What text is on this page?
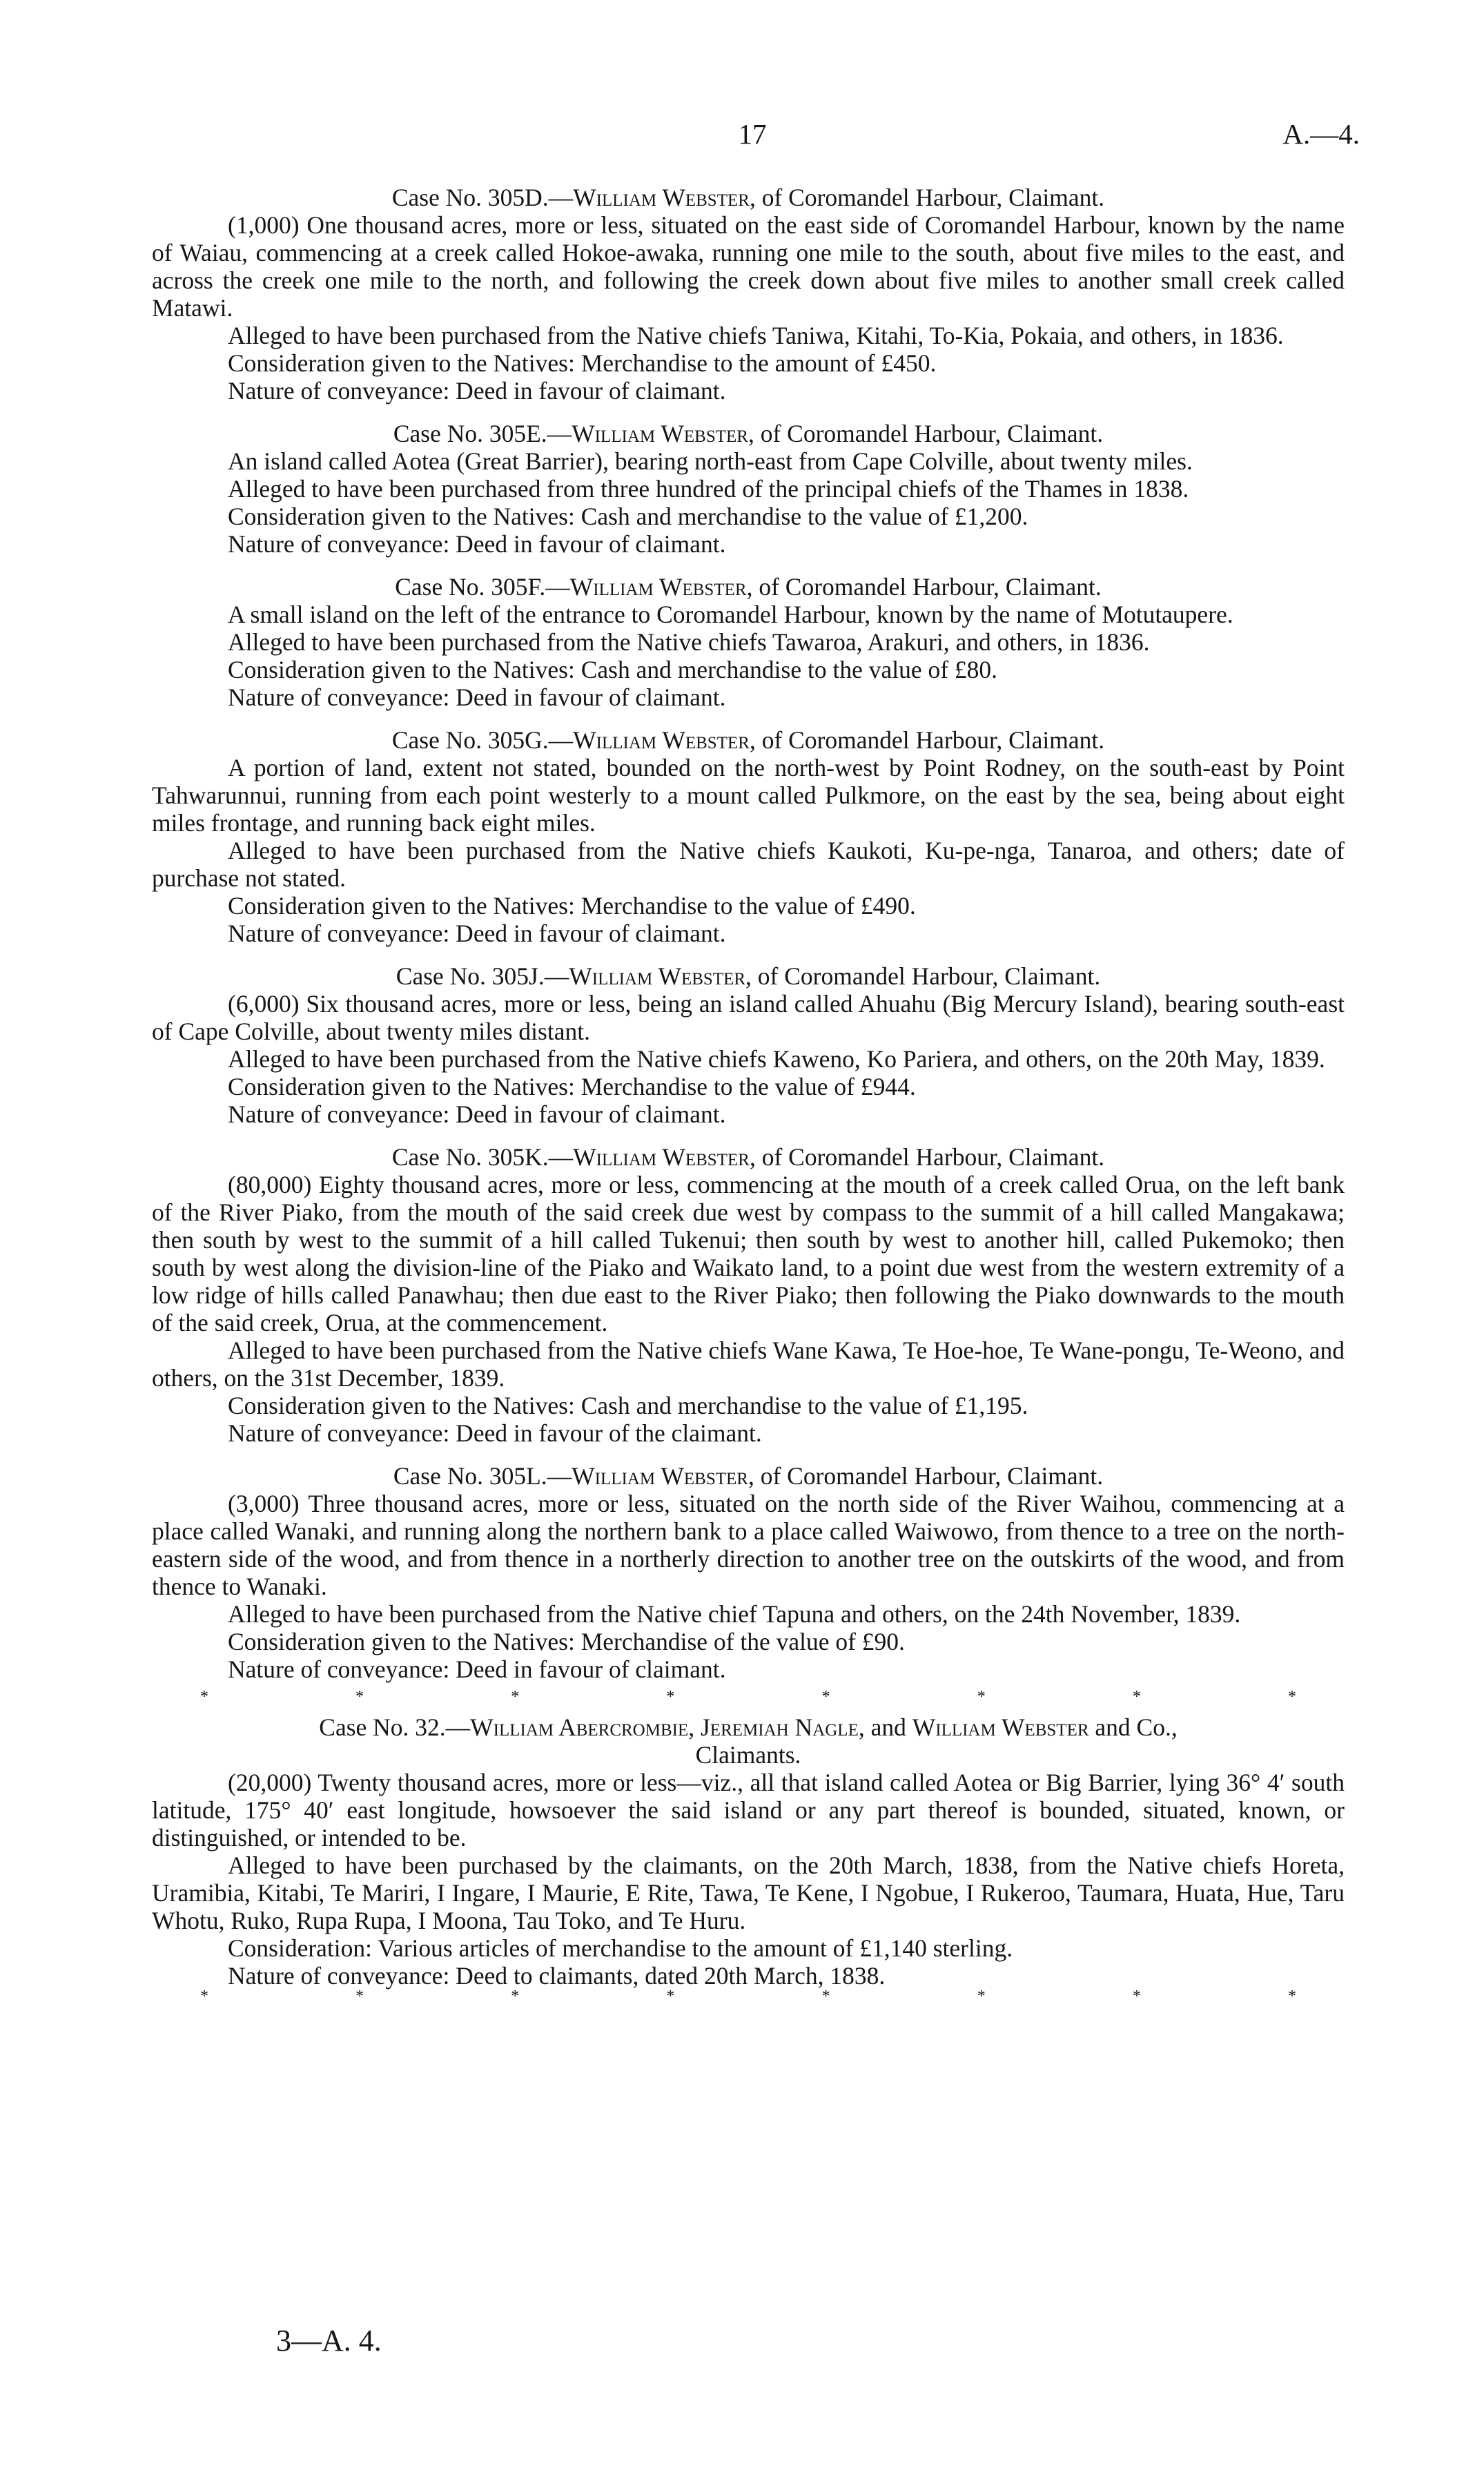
17	A.—4.

Case No. 305D.—William Webster, of Coromandel Harbour, Claimant.

(1,000) One thousand acres, more or less, situated on the east side of Coromandel Harbour, known by the name of Waiau, commencing at a creek called Hokoe-awaka, running one mile to the south, about five miles to the east, and across the creek one mile to the north, and following the creek down about five miles to another small creek called Matawi.

Alleged to have been purchased from the Native chiefs Taniwa, Kitahi, To-Kia, Pokaia, and others, in 1836.

Consideration given to the Natives: Merchandise to the amount of £450.

Nature of conveyance: Deed in favour of claimant.

Case No. 305E.—William Webster, of Coromandel Harbour, Claimant.

An island called Aotea (Great Barrier), bearing north-east from Cape Colville, about twenty miles.

Alleged to have been purchased from three hundred of the principal chiefs of the Thames in 1838.

Consideration given to the Natives: Cash and merchandise to the value of £1,200.

Nature of conveyance: Deed in favour of claimant.

Case No. 305F.—William Webster, of Coromandel Harbour, Claimant.

A small island on the left of the entrance to Coromandel Harbour, known by the name of Motutaupere.

Alleged to have been purchased from the Native chiefs Tawaroa, Arakuri, and others, in 1836.

Consideration given to the Natives: Cash and merchandise to the value of £80.

Nature of conveyance: Deed in favour of claimant.

Case No. 305G.—William Webster, of Coromandel Harbour, Claimant.

A portion of land, extent not stated, bounded on the north-west by Point Rodney, on the south-east by Point Tahwarunnui, running from each point westerly to a mount called Pulkmore, on the east by the sea, being about eight miles frontage, and running back eight miles.

Alleged to have been purchased from the Native chiefs Kaukoti, Ku-pe-nga, Tanaroa, and others; date of purchase not stated.

Consideration given to the Natives: Merchandise to the value of £490.

Nature of conveyance: Deed in favour of claimant.

Case No. 305J.—William Webster, of Coromandel Harbour, Claimant.

(6,000) Six thousand acres, more or less, being an island called Ahuahu (Big Mercury Island), bearing south-east of Cape Colville, about twenty miles distant.

Alleged to have been purchased from the Native chiefs Kaweno, Ko Pariera, and others, on the 20th May, 1839.

Consideration given to the Natives: Merchandise to the value of £944.

Nature of conveyance: Deed in favour of claimant.

Case No. 305K.—William Webster, of Coromandel Harbour, Claimant.

(80,000) Eighty thousand acres, more or less, commencing at the mouth of a creek called Orua, on the left bank of the River Piako, from the mouth of the said creek due west by compass to the summit of a hill called Mangakawa; then south by west to the summit of a hill called Tukenui; then south by west to another hill, called Pukemoko; then south by west along the division-line of the Piako and Waikato land, to a point due west from the western extremity of a low ridge of hills called Panawhau; then due east to the River Piako; then following the Piako downwards to the mouth of the said creek, Orua, at the commencement.

Alleged to have been purchased from the Native chiefs Wane Kawa, Te Hoe-hoe, Te Wane-pongu, Te-Weono, and others, on the 31st December, 1839.

Consideration given to the Natives: Cash and merchandise to the value of £1,195.

Nature of conveyance: Deed in favour of the claimant.

Case No. 305L.—William Webster, of Coromandel Harbour, Claimant.

(3,000) Three thousand acres, more or less, situated on the north side of the River Waihou, commencing at a place called Wanaki, and running along the northern bank to a place called Waiwowo, from thence to a tree on the north-eastern side of the wood, and from thence in a northerly direction to another tree on the outskirts of the wood, and from thence to Wanaki.

Alleged to have been purchased from the Native chief Tapuna and others, on the 24th November, 1839.

Consideration given to the Natives: Merchandise of the value of £90.

Nature of conveyance: Deed in favour of claimant.

*	*	*	*	*	*	*	*

Case No. 32.—William Abercrombie, Jeremiah Nagle, and William Webster and Co.,

Claimants.

(20,000) Twenty thousand acres, more or less—viz., all that island called Aotea or Big Barrier, lying 36° 4′ south latitude, 175° 40′ east longitude, howsoever the said island or any part thereof is bounded, situated, known, or distinguished, or intended to be.

Alleged to have been purchased by the claimants, on the 20th March, 1838, from the Native chiefs Horeta, Uramibia, Kitabi, Te Mariri, I Ingare, I Maurie, E Rite, Tawa, Te Kene, I Ngobue, I Rukeroo, Taumara, Huata, Hue, Taru Whotu, Ruko, Rupa Rupa, I Moona, Tau Toko, and Te Huru.

Consideration: Various articles of merchandise to the amount of £1,140 sterling.

Nature of conveyance: Deed to claimants, dated 20th March, 1838.

*	*	*	*	*	*	*	*
3—A. 4.
